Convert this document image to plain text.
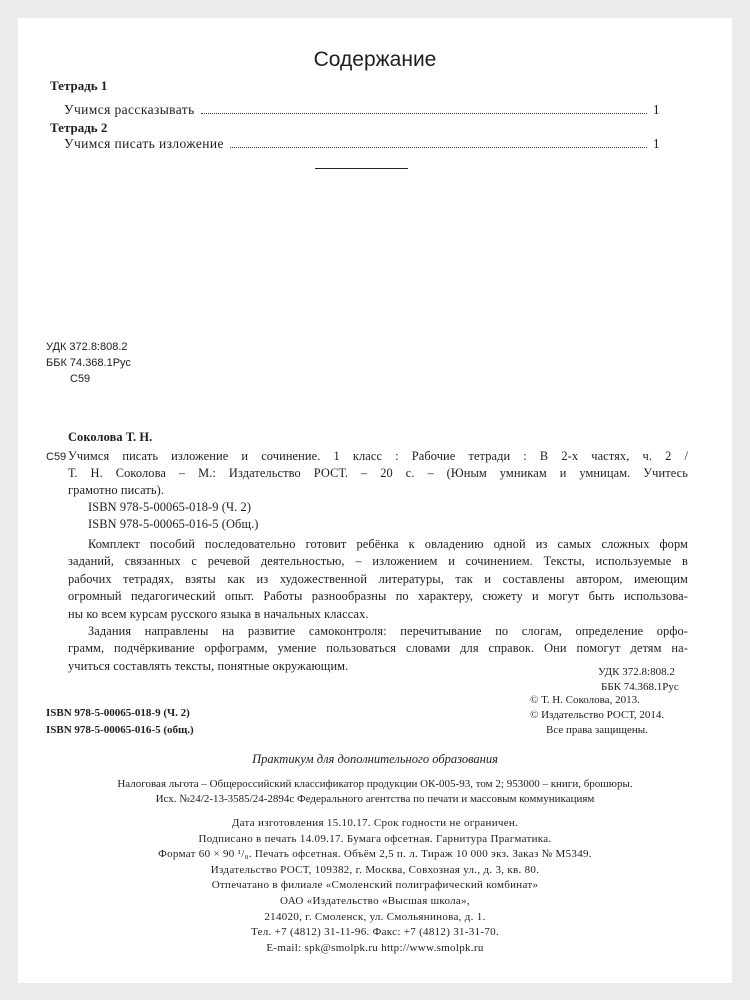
Содержание
Тетрадь 1
Учимся рассказывать	1
Тетрадь 2
Учимся писать изложение	1
УДК 372.8:808.2
ББК 74.368.1Рус
С59
Соколова Т. Н.
С59 Учимся писать изложение и сочинение. 1 класс : Рабочие тетради : В 2-х частях, ч. 2 /
Т. Н. Соколова – М.: Издательство РОСТ. – 20 с. – (Юным умникам и умницам. Учитесь
грамотно писать).
ISBN 978-5-00065-018-9 (Ч. 2)
ISBN 978-5-00065-016-5 (Общ.)
Комплект пособий последовательно готовит ребёнка к овладению одной из самых сложных форм
заданий, связанных с речевой деятельностью, – изложением и сочинением. Тексты, используемые в
рабочих тетрадях, взяты как из художественной литературы, так и составлены автором, имеющим
огромный педагогический опыт. Работы разнообразны по характеру, сюжету и могут быть использова-
ны ко всем курсам русского языка в начальных классах.
Задания направлены на развитие самоконтроля: перечитывание по слогам, определение орфо-
грамм, подчёркивание орфограмм, умение пользоваться словами для справок. Они помогут детям на-
учиться составлять тексты, понятные окружающим.	УДК 372.8:808.2
ББК 74.368.1Рус
ISBN 978-5-00065-018-9 (Ч. 2)
ISBN 978-5-00065-016-5 (общ.)
© Т. Н. Соколова, 2013.
© Издательство РОСТ, 2014.
Все права защищены.
Практикум для дополнительного образования
Налоговая льгота – Общероссийский классификатор продукции ОК-005-93, том 2; 953000 – книги, брошюры.
Исх. №24/2-13-3585/24-2894с Федерального агентства по печати и массовым коммуникациям
Дата изготовления 15.10.17. Срок годности не ограничен.
Подписано в печать 14.09.17. Бумага офсетная. Гарнитура Прагматика.
Формат 60 × 90 ¹/₈. Печать офсетная. Объём 2,5 п. л. Тираж 10 000 экз. Заказ № М5349.
Издательство РОСТ, 109382, г. Москва, Совхозная ул., д. 3, кв. 80.
Отпечатано в филиале «Смоленский полиграфический комбинат»
ОАО «Издательство «Высшая школа»,
214020, г. Смоленск, ул. Смольянинова, д. 1.
Тел. +7 (4812) 31-11-96. Факс: +7 (4812) 31-31-70.
E-mail: spk@smolpk.ru http://www.smolpk.ru
